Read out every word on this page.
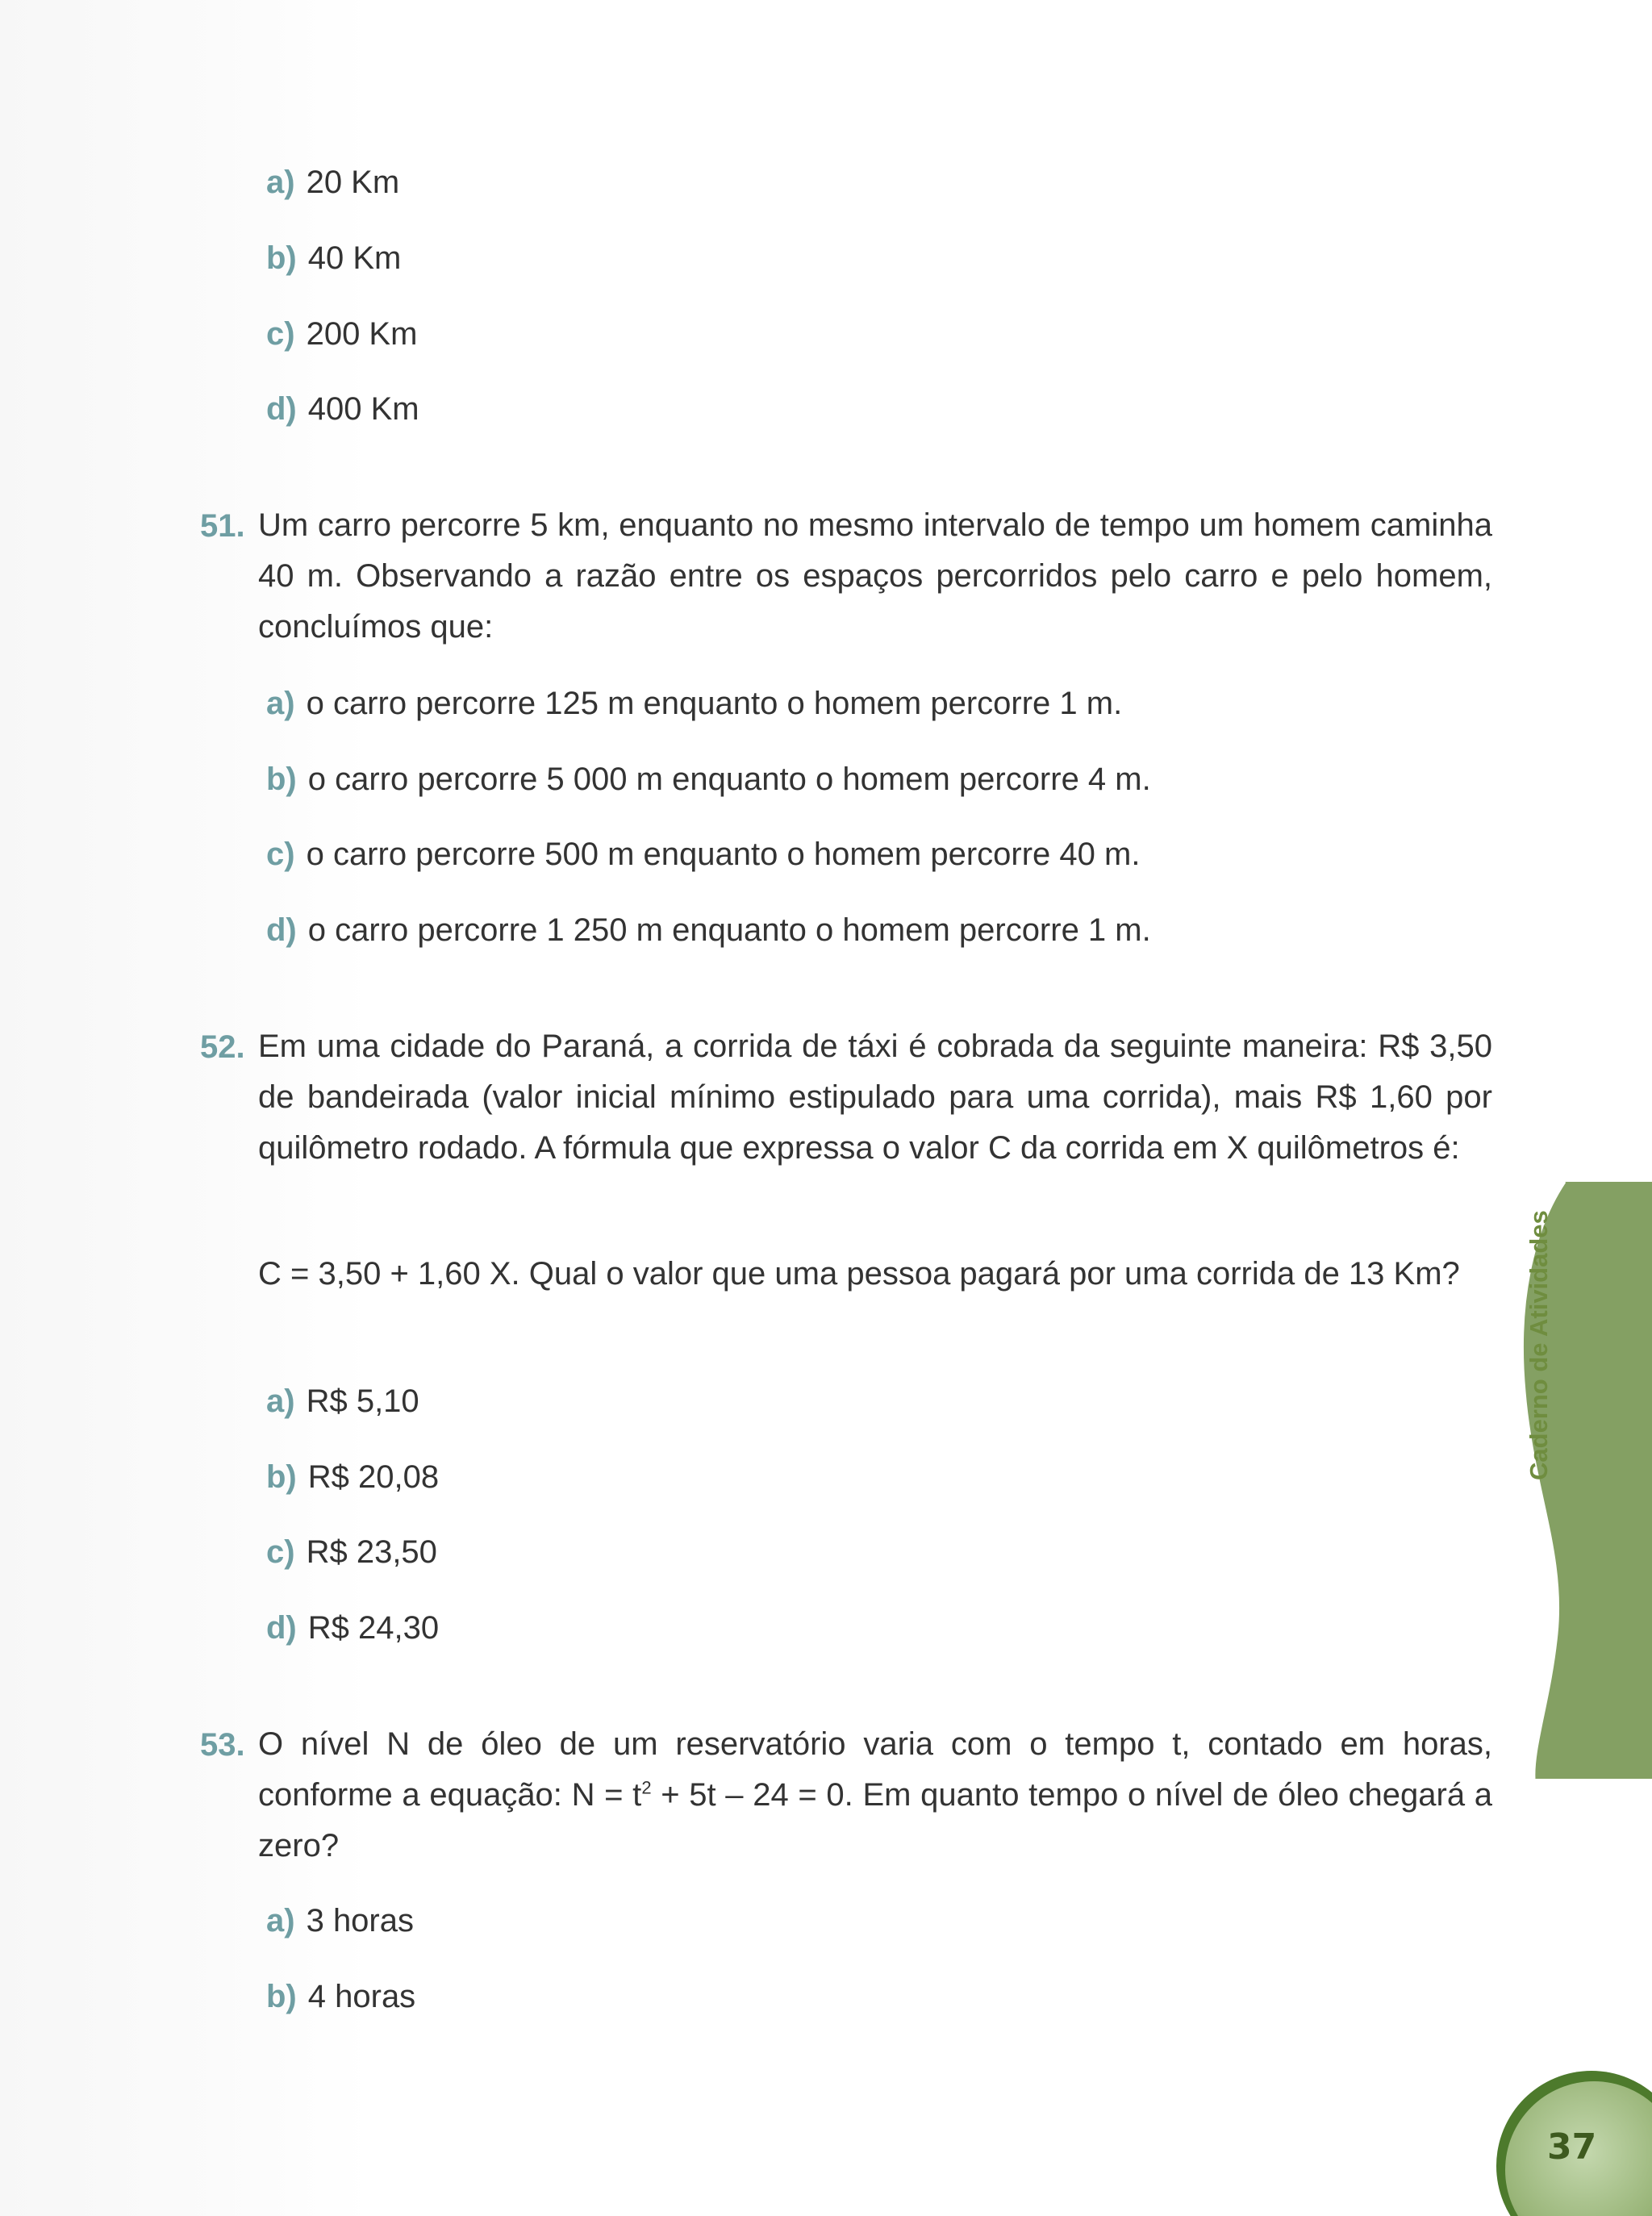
a) 20 Km
b) 40 Km
c) 200 Km
d) 400 Km
51. Um carro percorre 5 km, enquanto no mesmo intervalo de tempo um homem caminha 40 m. Observando a razão entre os espaços percorridos pelo carro e pelo homem, concluímos que:
a) o carro percorre 125 m enquanto o homem percorre 1 m.
b) o carro percorre 5 000 m enquanto o homem percorre 4 m.
c) o carro percorre 500 m enquanto o homem percorre 40 m.
d) o carro percorre 1 250 m enquanto o homem percorre 1 m.
52. Em uma cidade do Paraná, a corrida de táxi é cobrada da seguinte maneira: R$ 3,50 de bandeirada (valor inicial mínimo estipulado para uma corrida), mais R$ 1,60 por quilômetro rodado. A fórmula que expressa o valor C da corrida em X quilômetros é:
C = 3,50 + 1,60 X. Qual o valor que uma pessoa pagará por uma corrida de 13 Km?
a) R$ 5,10
b) R$ 20,08
c) R$ 23,50
d) R$ 24,30
53. O nível N de óleo de um reservatório varia com o tempo t, contado em horas, conforme a equação: $N = t^2 + 5t - 24 = 0$. Em quanto tempo o nível de óleo chegará a zero?
a) 3 horas
b) 4 horas
Caderno de Atividades
37
